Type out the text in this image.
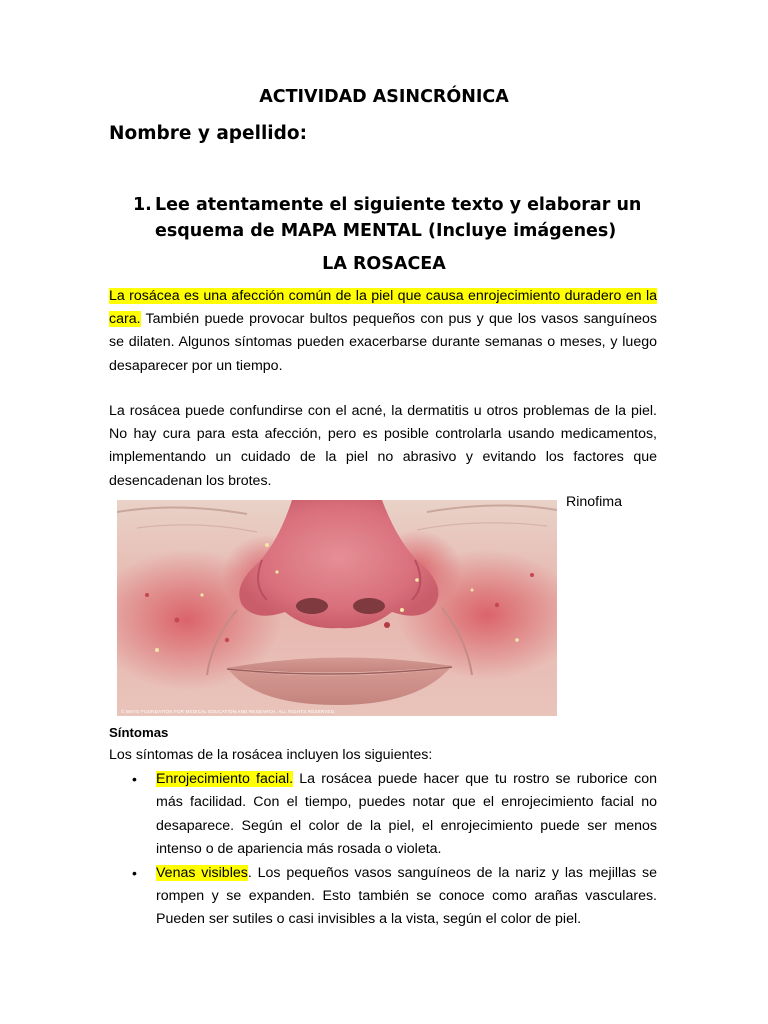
ACTIVIDAD ASINCRÓNICA
Nombre y apellido:
1. Lee atentamente el siguiente texto y elaborar un esquema de MAPA MENTAL (Incluye imágenes)
LA ROSACEA

La rosácea es una afección común de la piel que causa enrojecimiento duradero en la cara. También puede provocar bultos pequeños con pus y que los vasos sanguíneos se dilaten. Algunos síntomas pueden exacerbarse durante semanas o meses, y luego desaparecer por un tiempo.

La rosácea puede confundirse con el acné, la dermatitis u otros problemas de la piel. No hay cura para esta afección, pero es posible controlarla usando medicamentos, implementando un cuidado de la piel no abrasivo y evitando los factores que desencadenan los brotes.

Rinofima
© MAYO FOUNDATION FOR MEDICAL EDUCATION AND RESEARCH. ALL RIGHTS RESERVED.
Síntomas
Los síntomas de la rosácea incluyen los siguientes:
• Enrojecimiento facial. La rosácea puede hacer que tu rostro se ruborice con más facilidad. Con el tiempo, puedes notar que el enrojecimiento facial no desaparece. Según el color de la piel, el enrojecimiento puede ser menos intenso o de apariencia más rosada o violeta.
• Venas visibles. Los pequeños vasos sanguíneos de la nariz y las mejillas se rompen y se expanden. Esto también se conoce como arañas vasculares. Pueden ser sutiles o casi invisibles a la vista, según el color de piel.
